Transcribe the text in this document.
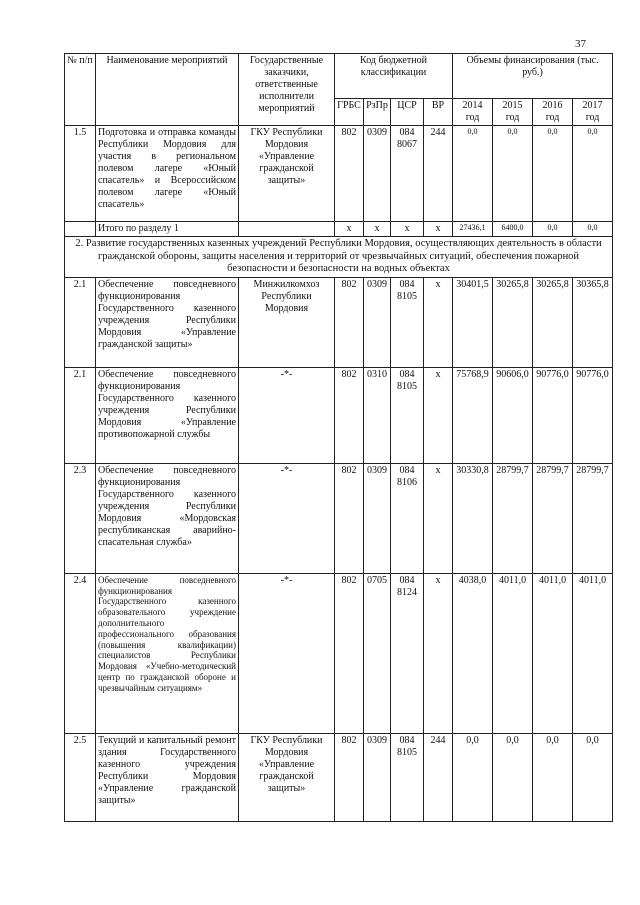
37
№ п/п	Наименование мероприятий	Государственные заказчики, ответственные исполнители мероприятий	Код бюджетной классификации				Объемы финансирования (тыс. руб.)			
			ГРБС	РзПр	ЦСР	ВР	2014 год	2015 год	2016 год	2017 год
1.5	Подготовка и отправка команды Республики Мордовия для участия в региональном полевом лагере «Юный спасатель» и Всероссийском полевом лагере «Юный спасатель»	ГКУ Республики Мордовия «Управление гражданской защиты»	802	0309	084 8067	244	0,0	0,0	0,0	0,0
	Итого по разделу 1		х	х	х	х	27436,1	6400,0	0,0	0,0
2. Развитие государственных казенных учреждений Республики Мордовия, осуществляющих деятельность в области гражданской обороны, защиты населения и территорий от чрезвычайных ситуаций, обеспечения пожарной безопасности и безопасности на водных объектах										
2.1	Обеспечение повседневного функционирования Государственного казенного учреждения Республики Мордовия «Управление гражданской защиты»	Минжилкомхоз Республики Мордовия	802	0309	084 8105	х	30401,5	30265,8	30265,8	30365,8
2.1	Обеспечение повседневного функционирования Государственного казенного учреждения Республики Мордовия «Управление противопожарной службы	-*-	802	0310	084 8105	х	75768,9	90606,0	90776,0	90776,0
2.3	Обеспечение повседневного функционирования Государственного казенного учреждения Республики Мордовия «Мордовская республиканская аварийно-спасательная служба»	-*-	802	0309	084 8106	х	30330,8	28799,7	28799,7	28799,7
2.4	Обеспечение повседневного функционирования Государственного казенного образовательного учреждение дополнительного профессионального образования (повышения квалификации) специалистов Республики Мордовия «Учебно-методический центр по гражданской обороне и чрезвычайным ситуациям»	-*-	802	0705	084 8124	х	4038,0	4011,0	4011,0	4011,0
2.5	Текущий и капитальный ремонт здания Государственного казенного учреждения Республики Мордовия «Управление гражданской защиты»	ГКУ Республики Мордовия «Управление гражданской защиты»	802	0309	084 8105	244	0,0	0,0	0,0	0,0
